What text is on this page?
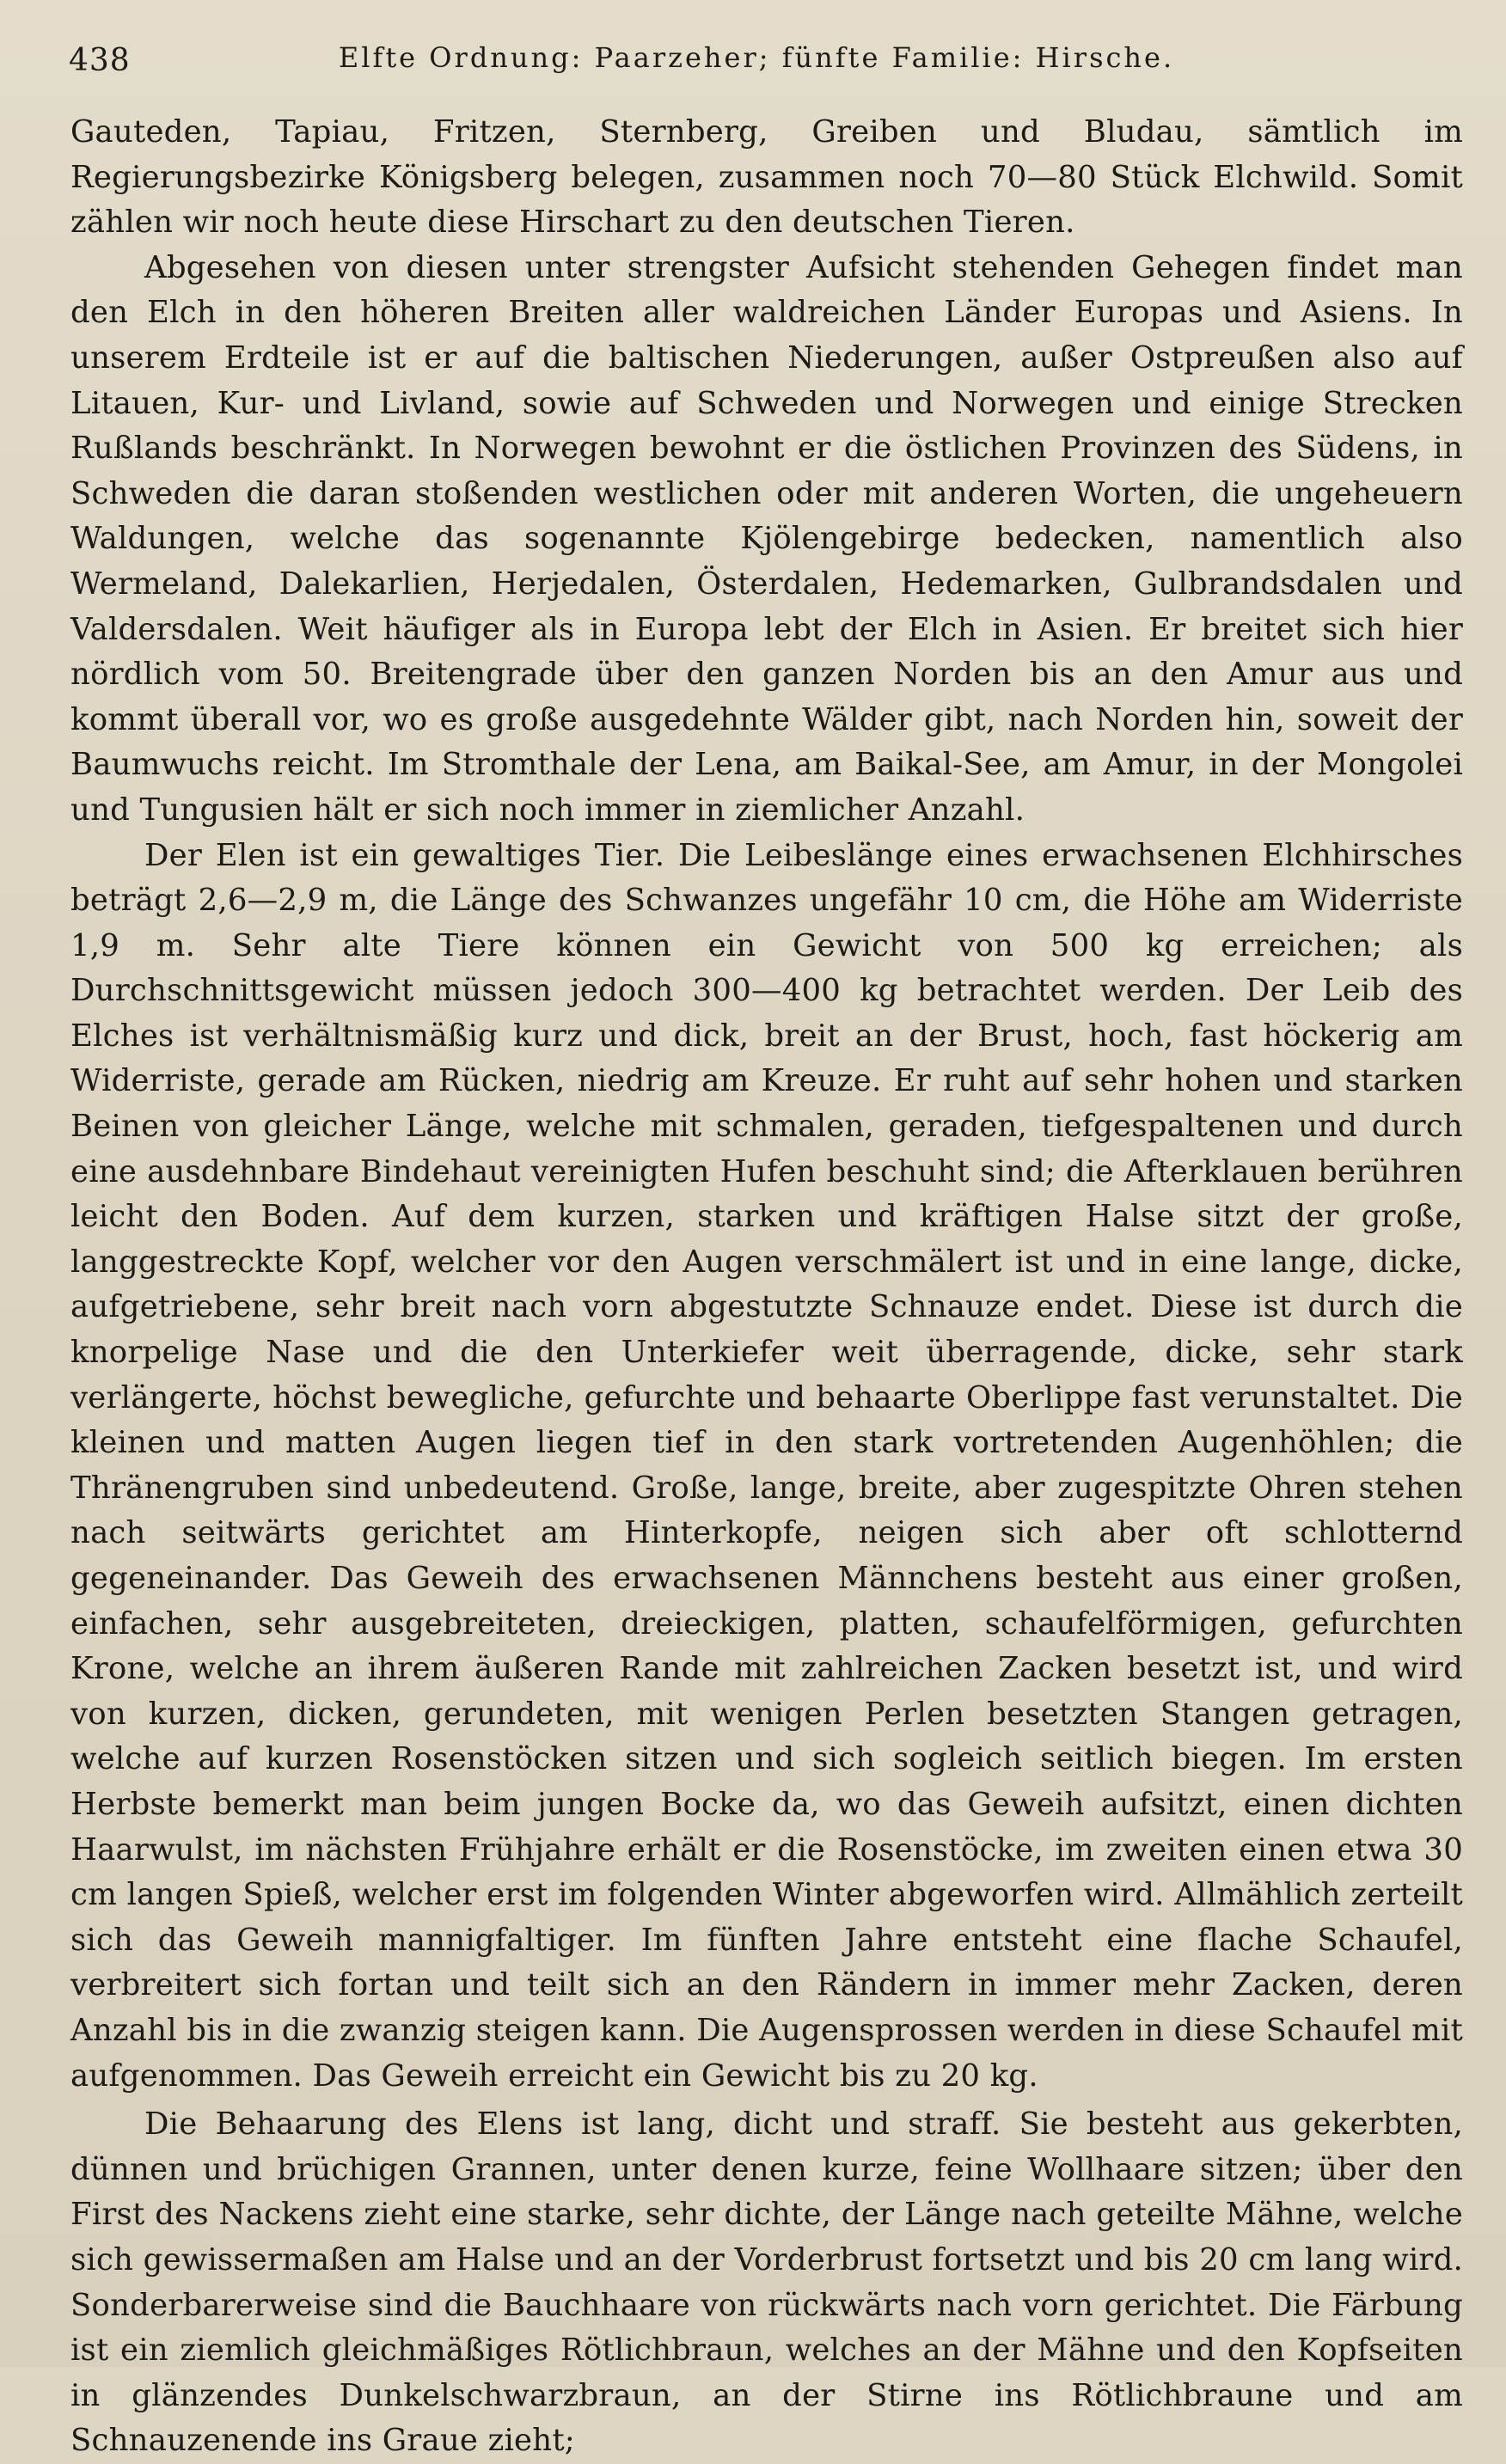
438	Elfte Ordnung: Paarzeher; fünfte Familie: Hirsche.

Gauteden, Tapiau, Fritzen, Sternberg, Greiben und Bludau, sämtlich im Regierungsbezirke Königsberg belegen, zusammen noch 70—80 Stück Elchwild. Somit zählen wir noch heute diese Hirschart zu den deutschen Tieren.

Abgesehen von diesen unter strengster Aufsicht stehenden Gehegen findet man den Elch in den höheren Breiten aller waldreichen Länder Europas und Asiens. In unserem Erdteile ist er auf die baltischen Niederungen, außer Ostpreußen also auf Litauen, Kur- und Livland, sowie auf Schweden und Norwegen und einige Strecken Rußlands beschränkt. In Norwegen bewohnt er die östlichen Provinzen des Südens, in Schweden die daran stoßenden westlichen oder mit anderen Worten, die ungeheuern Waldungen, welche das sogenannte Kjölengebirge bedecken, namentlich also Wermeland, Dalekarlien, Herjedalen, Österdalen, Hedemarken, Gulbrandsdalen und Valdersdalen. Weit häufiger als in Europa lebt der Elch in Asien. Er breitet sich hier nördlich vom 50. Breitengrade über den ganzen Norden bis an den Amur aus und kommt überall vor, wo es große ausgedehnte Wälder gibt, nach Norden hin, soweit der Baumwuchs reicht. Im Stromthale der Lena, am Baikal-See, am Amur, in der Mongolei und Tungusien hält er sich noch immer in ziemlicher Anzahl.

Der Elen ist ein gewaltiges Tier. Die Leibeslänge eines erwachsenen Elchhirsches beträgt 2,6—2,9 m, die Länge des Schwanzes ungefähr 10 cm, die Höhe am Widerriste 1,9 m. Sehr alte Tiere können ein Gewicht von 500 kg erreichen; als Durchschnittsgewicht müssen jedoch 300—400 kg betrachtet werden. Der Leib des Elches ist verhältnismäßig kurz und dick, breit an der Brust, hoch, fast höckerig am Widerriste, gerade am Rücken, niedrig am Kreuze. Er ruht auf sehr hohen und starken Beinen von gleicher Länge, welche mit schmalen, geraden, tiefgespaltenen und durch eine ausdehnbare Bindehaut vereinigten Hufen beschuht sind; die Afterklauen berühren leicht den Boden. Auf dem kurzen, starken und kräftigen Halse sitzt der große, langgestreckte Kopf, welcher vor den Augen verschmälert ist und in eine lange, dicke, aufgetriebene, sehr breit nach vorn abgestutzte Schnauze endet. Diese ist durch die knorpelige Nase und die den Unterkiefer weit überragende, dicke, sehr stark verlängerte, höchst bewegliche, gefurchte und behaarte Oberlippe fast verunstaltet. Die kleinen und matten Augen liegen tief in den stark vortretenden Augenhöhlen; die Thränengruben sind unbedeutend. Große, lange, breite, aber zugespitzte Ohren stehen nach seitwärts gerichtet am Hinterkopfe, neigen sich aber oft schlotternd gegeneinander. Das Geweih des erwachsenen Männchens besteht aus einer großen, einfachen, sehr ausgebreiteten, dreieckigen, platten, schaufelförmigen, gefurchten Krone, welche an ihrem äußeren Rande mit zahlreichen Zacken besetzt ist, und wird von kurzen, dicken, gerundeten, mit wenigen Perlen besetzten Stangen getragen, welche auf kurzen Rosenstöcken sitzen und sich sogleich seitlich biegen. Im ersten Herbste bemerkt man beim jungen Bocke da, wo das Geweih aufsitzt, einen dichten Haarwulst, im nächsten Frühjahre erhält er die Rosenstöcke, im zweiten einen etwa 30 cm langen Spieß, welcher erst im folgenden Winter abgeworfen wird. Allmählich zerteilt sich das Geweih mannigfaltiger. Im fünften Jahre entsteht eine flache Schaufel, verbreitert sich fortan und teilt sich an den Rändern in immer mehr Zacken, deren Anzahl bis in die zwanzig steigen kann. Die Augensprossen werden in diese Schaufel mit aufgenommen. Das Geweih erreicht ein Gewicht bis zu 20 kg.

Die Behaarung des Elens ist lang, dicht und straff. Sie besteht aus gekerbten, dünnen und brüchigen Grannen, unter denen kurze, feine Wollhaare sitzen; über den First des Nackens zieht eine starke, sehr dichte, der Länge nach geteilte Mähne, welche sich gewissermaßen am Halse und an der Vorderbrust fortsetzt und bis 20 cm lang wird. Sonderbarerweise sind die Bauchhaare von rückwärts nach vorn gerichtet. Die Färbung ist ein ziemlich gleichmäßiges Rötlichbraun, welches an der Mähne und den Kopfseiten in glänzendes Dunkelschwarzbraun, an der Stirne ins Rötlichbraune und am Schnauzenende ins Graue zieht;
